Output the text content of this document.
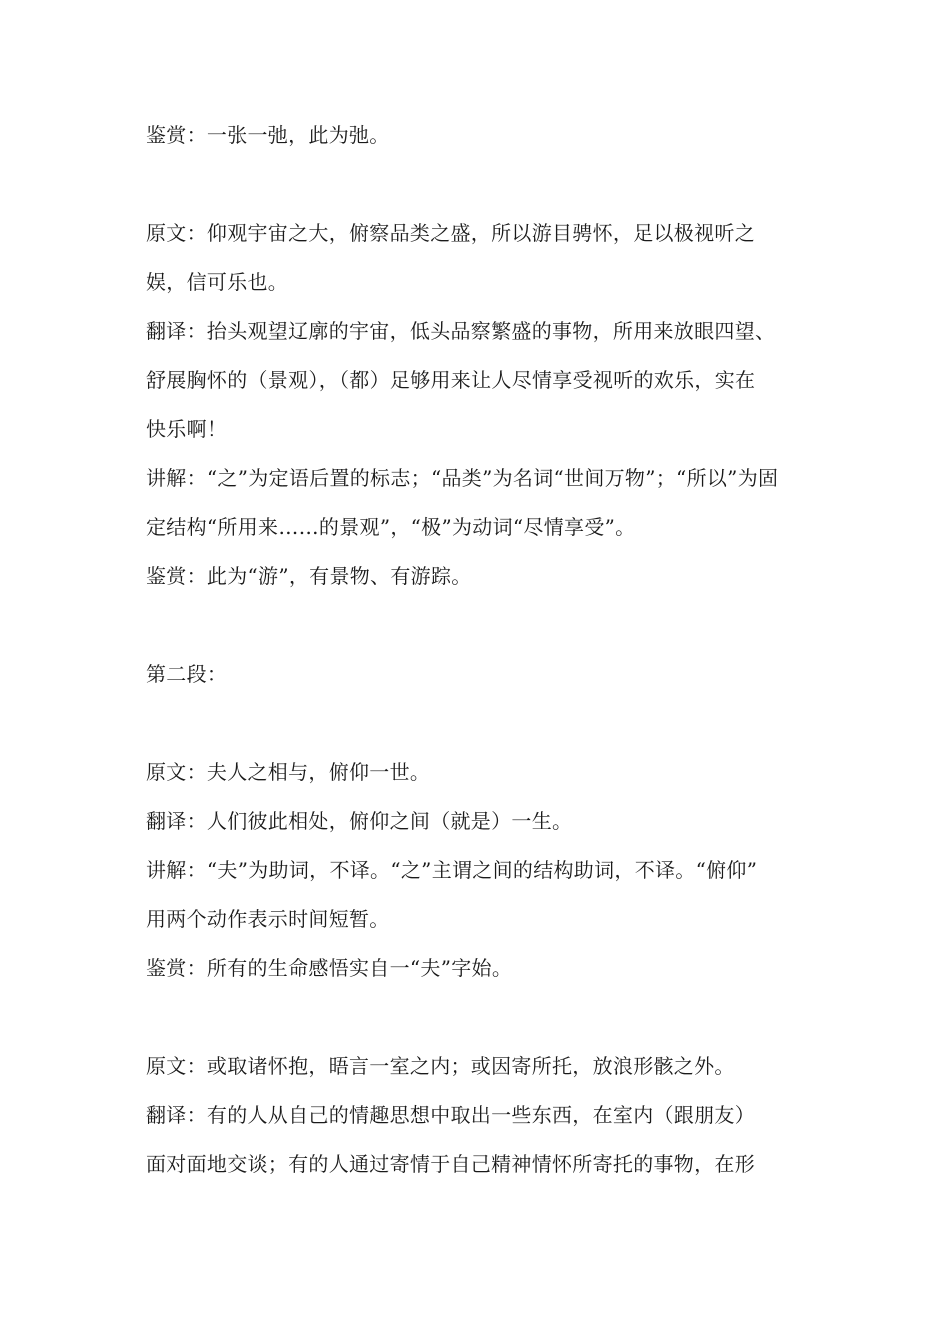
鉴赏：一张一弛，此为弛。
原文：仰观宇宙之大，俯察品类之盛，所以游目骋怀，足以极视听之
娱，信可乐也。
翻译：抬头观望辽廓的宇宙，低头品察繁盛的事物，所用来放眼四望、
舒展胸怀的（景观），（都）足够用来让人尽情享受视听的欢乐，实在
快乐啊！
讲解：“之”为定语后置的标志；“品类”为名词“世间万物”；“所以”为固
定结构“所用来……的景观”，“极”为动词“尽情享受”。
鉴赏：此为“游”，有景物、有游踪。
第二段：
原文：夫人之相与，俯仰一世。
翻译：人们彼此相处，俯仰之间（就是）一生。
讲解：“夫”为助词，不译。“之”主谓之间的结构助词，不译。“俯仰”
用两个动作表示时间短暂。
鉴赏：所有的生命感悟实自一“夫”字始。
原文：或取诸怀抱，晤言一室之内；或因寄所托，放浪形骸之外。
翻译：有的人从自己的情趣思想中取出一些东西，在室内（跟朋友）
面对面地交谈；有的人通过寄情于自己精神情怀所寄托的事物，在形
